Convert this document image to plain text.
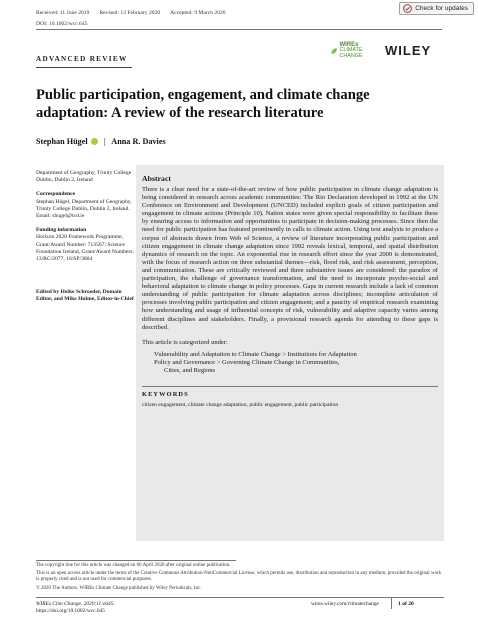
Check for updates
Received: 11 June 2019 Revised: 13 February 2020 Accepted: 9 March 2020
DOI: 10.1002/wcc.645
ADVANCED REVIEW
WIREs
CLIMATE CHANGE	WILEY
Public participation, engagement, and climate change adaptation: A review of the research literature
Stephan Hügel | Anna R. Davies
Department of Geography, Trinity College Dublin, Dublin 2, Ireland
Correspondence
Stephan Hügel, Department of Geography, Trinity College Dublin, Dublin 2, Ireland.
Email: shugel@tcd.ie
Funding information
Horizon 2020 Framework Programme, Grant/Award Number: 713567; Science Foundation Ireland, Grant/Award Numbers: 13/RC/2077, 16/SP/3804
Edited by Heike Schroeder, Domain Editor, and Mike Hulme, Editor-in-Chief
Abstract

There is a clear need for a state-of-the-art review of how public participation in climate change adaptation is being considered in research across academic communities: The Rio Declaration developed in 1992 at the UN Conference on Environment and Development (UNCED) included explicit goals of citizen participation and engagement in climate actions (Principle 10). Nation states were given special responsibility to facilitate these by ensuring access to information and opportunities to participate in decision-making processes. Since then the need for public participation has featured prominently in calls to climate action. Using text analysis to produce a corpus of abstracts drawn from Web of Science, a review of literature incorporating public participation and citizen engagement in climate change adaptation since 1992 reveals lexical, temporal, and spatial distribution dynamics of research on the topic. An exponential rise in research effort since the year 2000 is demonstrated, with the focus of research action on three substantial themes—risk, flood risk, and risk assessment, perception, and communication. These are critically reviewed and three substantive issues are considered: the paradox of participation, the challenge of governance transformation, and the need to incorporate psycho-social and behavioral adaptation to climate change in policy processes. Gaps in current research include a lack of common understanding of public participation for climate adaptation across disciplines; incomplete articulation of processes involving public participation and citizen engagement; and a paucity of empirical research examining how understanding and usage of influential concepts of risk, vulnerability and adaptive capacity varies among different disciplines and stakeholders. Finally, a provisional research agenda for attending to these gaps is described.

This article is categorized under:
Vulnerability and Adaptation to Climate Change > Institutions for Adaptation
Policy and Governance > Governing Climate Change in Communities,
Cities, and Regions
KEYWORDS
citizen engagement, climate change adaptation, public engagement, public participation
The copyright line for this article was changed on 06 April 2020 after original online publication.
This is an open access article under the terms of the Creative Commons Attribution-NonCommercial License, which permits use, distribution and reproduction in any medium, provided the original work is properly cited and is not used for commercial purposes.
© 2020 The Authors. WIREs Climate Change published by Wiley Periodicals, Inc.
WIREs Clim Change. 2020;11:e645.
https://doi.org/10.1002/wcc.645
wires.wiley.com/climatechange	1 of 20
